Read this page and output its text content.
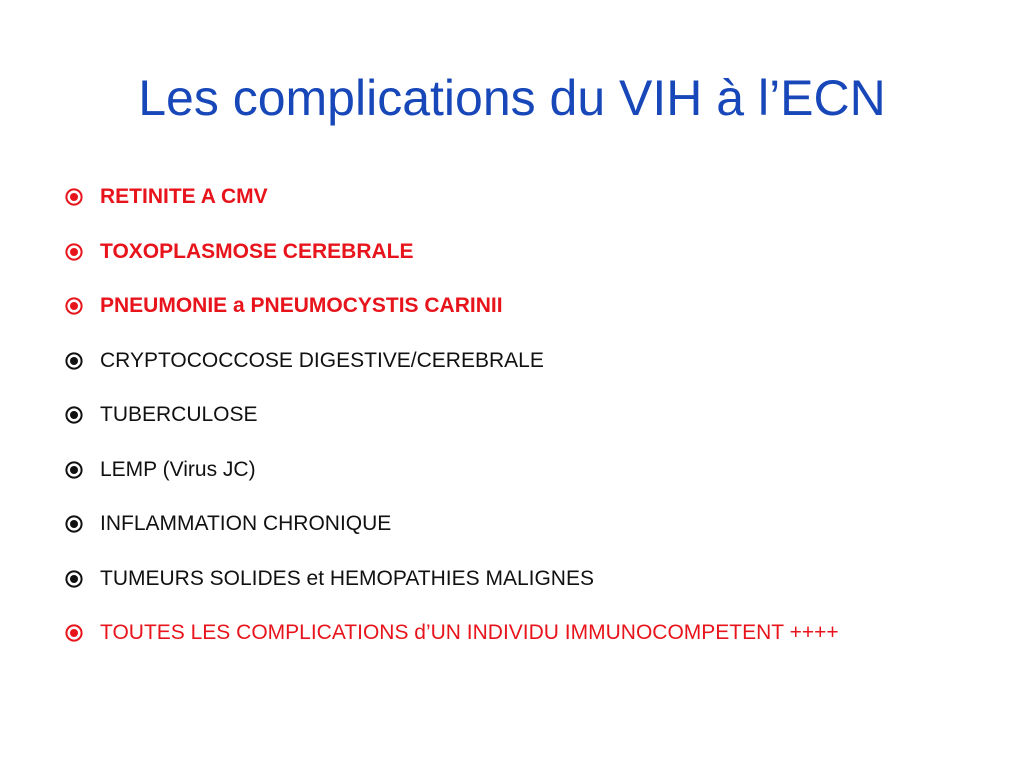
Les complications du VIH à l’ECN
RETINITE A CMV
TOXOPLASMOSE CEREBRALE
PNEUMONIE a PNEUMOCYSTIS CARINII
CRYPTOCOCCOSE DIGESTIVE/CEREBRALE
TUBERCULOSE
LEMP (Virus JC)
INFLAMMATION CHRONIQUE
TUMEURS SOLIDES et HEMOPATHIES MALIGNES
TOUTES LES COMPLICATIONS d’UN INDIVIDU IMMUNOCOMPETENT ++++
